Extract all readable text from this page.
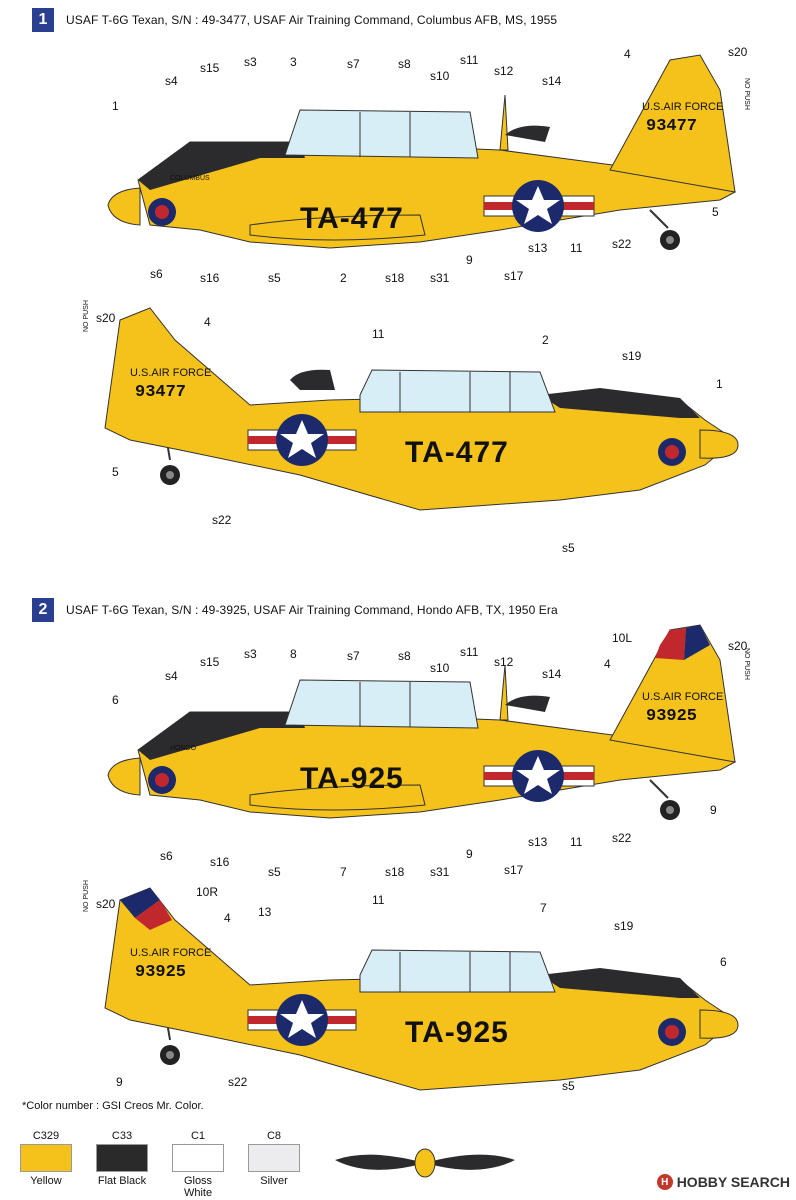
1	USAF T-6G Texan, S/N : 49-3477, USAF Air Training Command, Columbus AFB, MS, 1955
COLUMBUS
TA-477
U.S.AIR FORCE
93477
NO PUSH
1
s4
s15 s3	3	s7	s8
s10
s11
s12
s14
4	s20
5
s22
11
s13
s17
9
s31
s18
2
s5
s16
s6
TA-477
U.S.AIR FORCE
93477
NO PUSH s20	4
5
s22
11	2
s19
1
s5
2	USAF T-6G Texan, S/N : 49-3925, USAF Air Training Command, Hondo AFB, TX, 1950 Era
HONDO
TA-925
U.S.AIR FORCE
93925
NO PUSH
6
s4
s15
s3	8	s7	s8
s10
s11
s12
s14
10L
4
s20
9
s22
11
s13
s17
9
s31
s18
7
s5
s16
s6
TA-925
U.S.AIR FORCE
93925
NO PUSH s20
10R
4 13
11
7
s19
6
9	s22	s5
*Color number : GSI Creos Mr. Color.
C329
Yellow
C33
Flat Black
C1
Gloss White
C8
Silver	H HOBBY SEARCH
